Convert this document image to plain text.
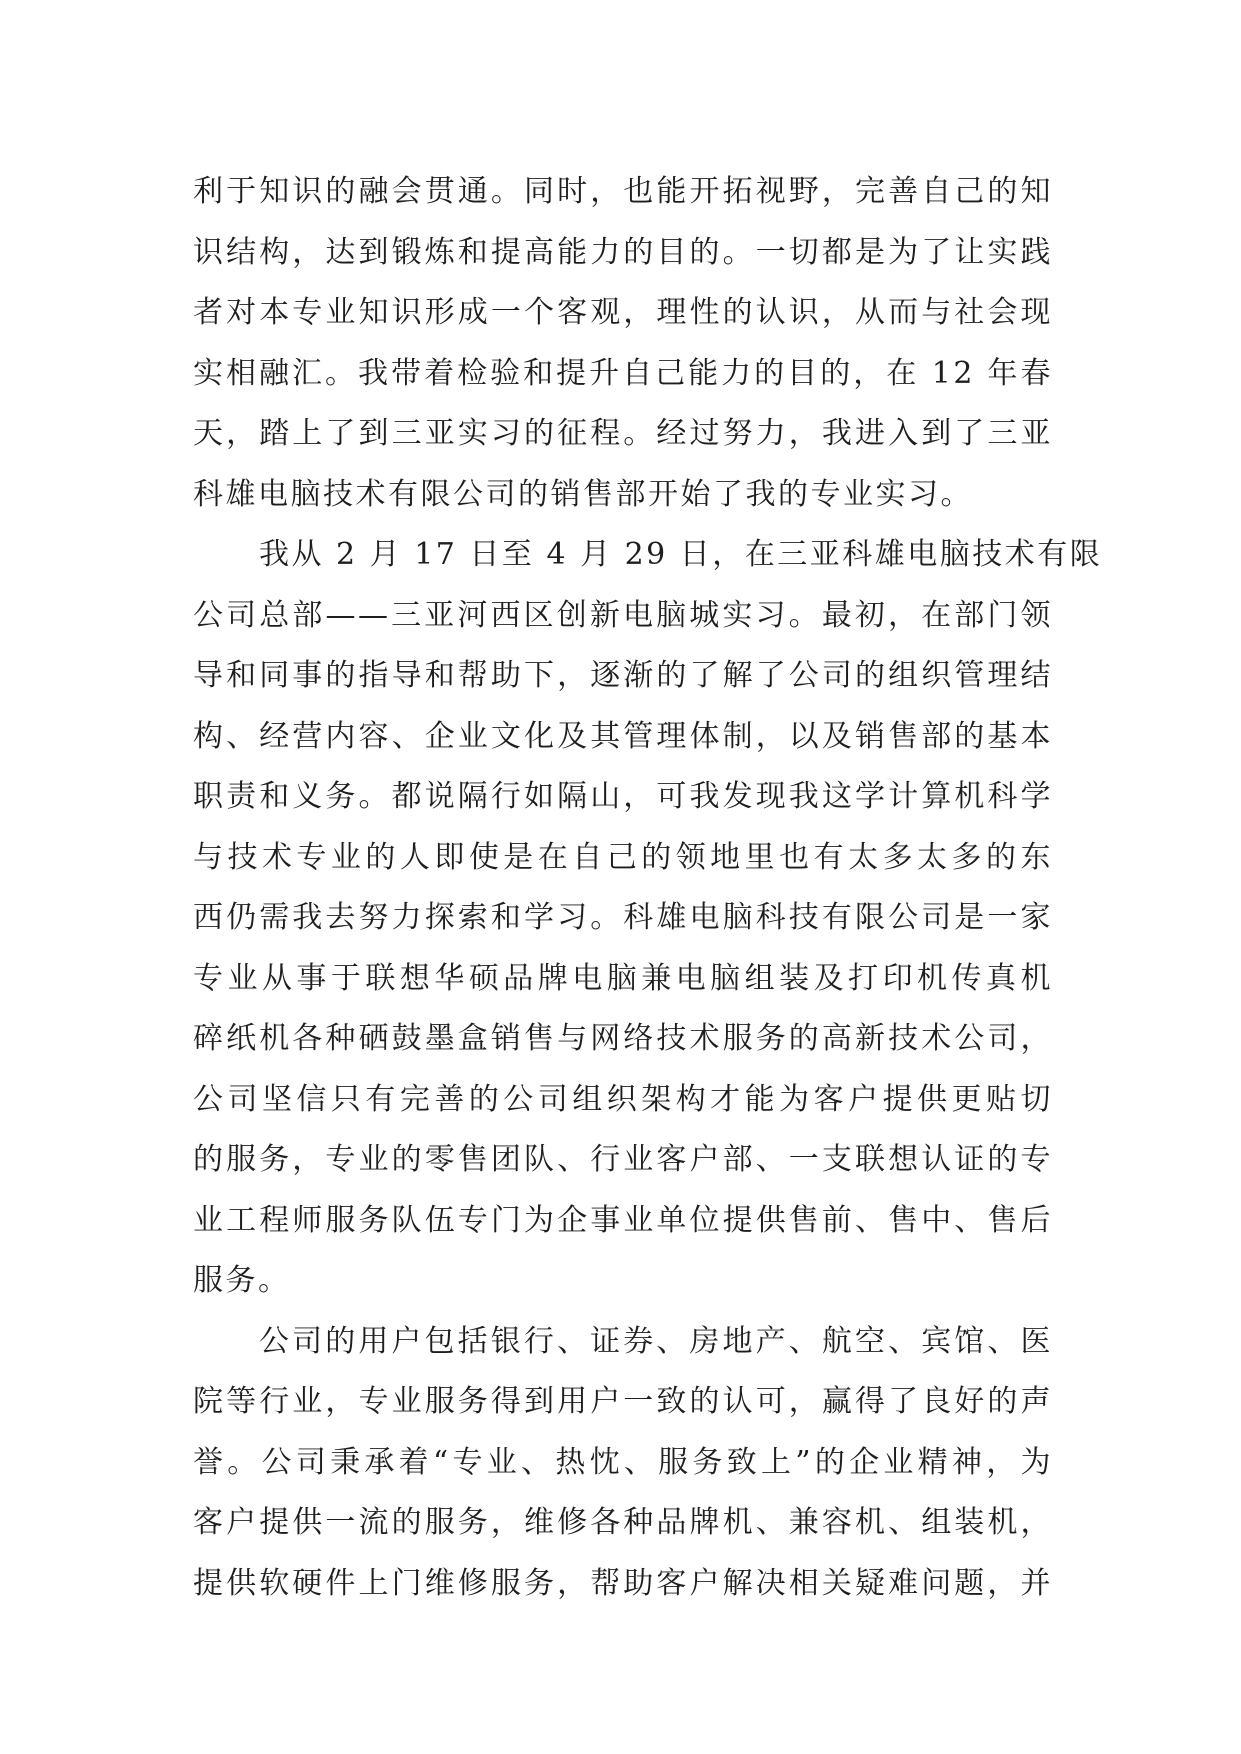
利于知识的融会贯通。同时，也能开拓视野，完善自己的知
识结构，达到锻炼和提高能力的目的。一切都是为了让实践
者对本专业知识形成一个客观，理性的认识，从而与社会现
实相融汇。我带着检验和提升自己能力的目的，在 12 年春
天，踏上了到三亚实习的征程。经过努力，我进入到了三亚
科雄电脑技术有限公司的销售部开始了我的专业实习。
我从 2 月 17 日至 4 月 29 日，在三亚科雄电脑技术有限
公司总部——三亚河西区创新电脑城实习。最初，在部门领
导和同事的指导和帮助下，逐渐的了解了公司的组织管理结
构、经营内容、企业文化及其管理体制，以及销售部的基本
职责和义务。都说隔行如隔山，可我发现我这学计算机科学
与技术专业的人即使是在自己的领地里也有太多太多的东
西仍需我去努力探索和学习。科雄电脑科技有限公司是一家
专业从事于联想华硕品牌电脑兼电脑组装及打印机传真机
碎纸机各种硒鼓墨盒销售与网络技术服务的高新技术公司，
公司坚信只有完善的公司组织架构才能为客户提供更贴切
的服务，专业的零售团队、行业客户部、一支联想认证的专
业工程师服务队伍专门为企事业单位提供售前、售中、售后
服务。
公司的用户包括银行、证券、房地产、航空、宾馆、医
院等行业，专业服务得到用户一致的认可，赢得了良好的声
誉。公司秉承着“专业、热忱、服务致上”的企业精神，为
客户提供一流的服务，维修各种品牌机、兼容机、组装机，
提供软硬件上门维修服务，帮助客户解决相关疑难问题，并
